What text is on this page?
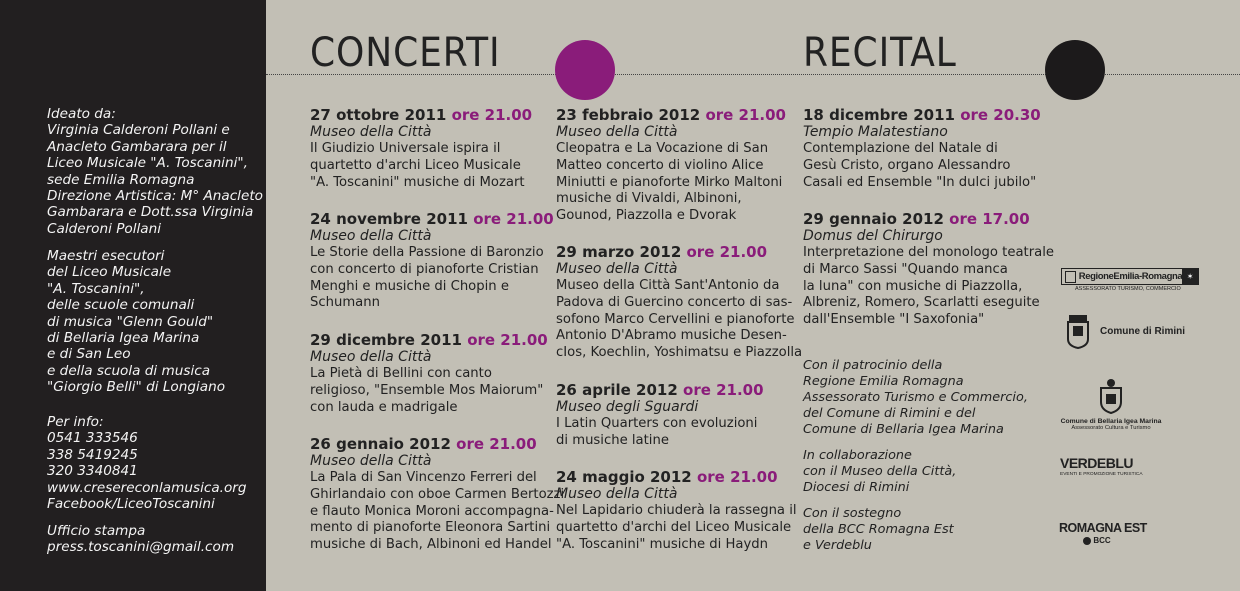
Ideato da:
Virginia Calderoni Pollani e
Anacleto Gambarara per il
Liceo Musicale "A. Toscanini",
sede Emilia Romagna
Direzione Artistica: M° Anacleto
Gambarara e Dott.ssa Virginia
Calderoni Pollani
Maestri esecutori
del Liceo Musicale
"A. Toscanini",
delle scuole comunali
di musica "Glenn Gould"
di Bellaria Igea Marina
e di San Leo
e della scuola di musica
"Giorgio Belli" di Longiano
Per info:
0541 333546
338 5419245
320 3340841
www.cresereconlamusica.org
Facebook/LiceoToscanini
Ufficio stampa
press.toscanini@gmail.com
CONCERTI	RECITAL
27 ottobre 2011 ore 21.00
Museo della Città
Il Giudizio Universale ispira il
quartetto d'archi Liceo Musicale
"A. Toscanini" musiche di Mozart
24 novembre 2011 ore 21.00
Museo della Città
Le Storie della Passione di Baronzio
con concerto di pianoforte Cristian
Menghi e musiche di Chopin e
Schumann
29 dicembre 2011 ore 21.00
Museo della Città
La Pietà di Bellini con canto
religioso, "Ensemble Mos Maiorum"
con lauda e madrigale
26 gennaio 2012 ore 21.00
Museo della Città
La Pala di San Vincenzo Ferreri del
Ghirlandaio con oboe Carmen Bertozzi
e flauto Monica Moroni accompagna-
mento di pianoforte Eleonora Sartini
musiche di Bach, Albinoni ed Handel
23 febbraio 2012 ore 21.00
Museo della Città
Cleopatra e La Vocazione di San
Matteo concerto di violino Alice
Miniutti e pianoforte Mirko Maltoni
musiche di Vivaldi, Albinoni,
Gounod, Piazzolla e Dvorak
29 marzo 2012 ore 21.00
Museo della Città
Museo della Città Sant'Antonio da
Padova di Guercino concerto di sas-
sofono Marco Cervellini e pianoforte
Antonio D'Abramo musiche Desen-
cIos, Koechlin, Yoshimatsu e Piazzolla
26 aprile 2012 ore 21.00
Museo degli Sguardi
I Latin Quarters con evoluzioni
di musiche latine
24 maggio 2012 ore 21.00
Museo della Città
Nel Lapidario chiuderà la rassegna il
quartetto d'archi del Liceo Musicale
"A. Toscanini" musiche di Haydn
18 dicembre 2011 ore 20.30
Tempio Malatestiano
Contemplazione del Natale di
Gesù Cristo, organo Alessandro
Casali ed Ensemble "In dulci jubilo"
29 gennaio 2012 ore 17.00
Domus del Chirurgo
Interpretazione del monologo teatrale
di Marco Sassi "Quando manca
la luna" con musiche di Piazzolla,
Albreniz, Romero, Scarlatti eseguite
dall'Ensemble "I Saxofonia"
Con il patrocinio della
Regione Emilia Romagna
Assessorato Turismo e Commercio,
del Comune di Rimini e del
Comune di Bellaria Igea Marina
In collaborazione
con il Museo della Città,
Diocesi di Rimini
Con il sostegno
della BCC Romagna Est
e Verdeblu
RegioneEmilia-Romagna ✶
ASSESSORATO TURISMO, COMMERCIO
Comune di Rimini
Comune di Bellaria Igea Marina
Assessorato Cultura e Turismo
VERDEBLU
EVENTI E PROMOZIONE TURISTICA
ROMAGNA EST
BCC
